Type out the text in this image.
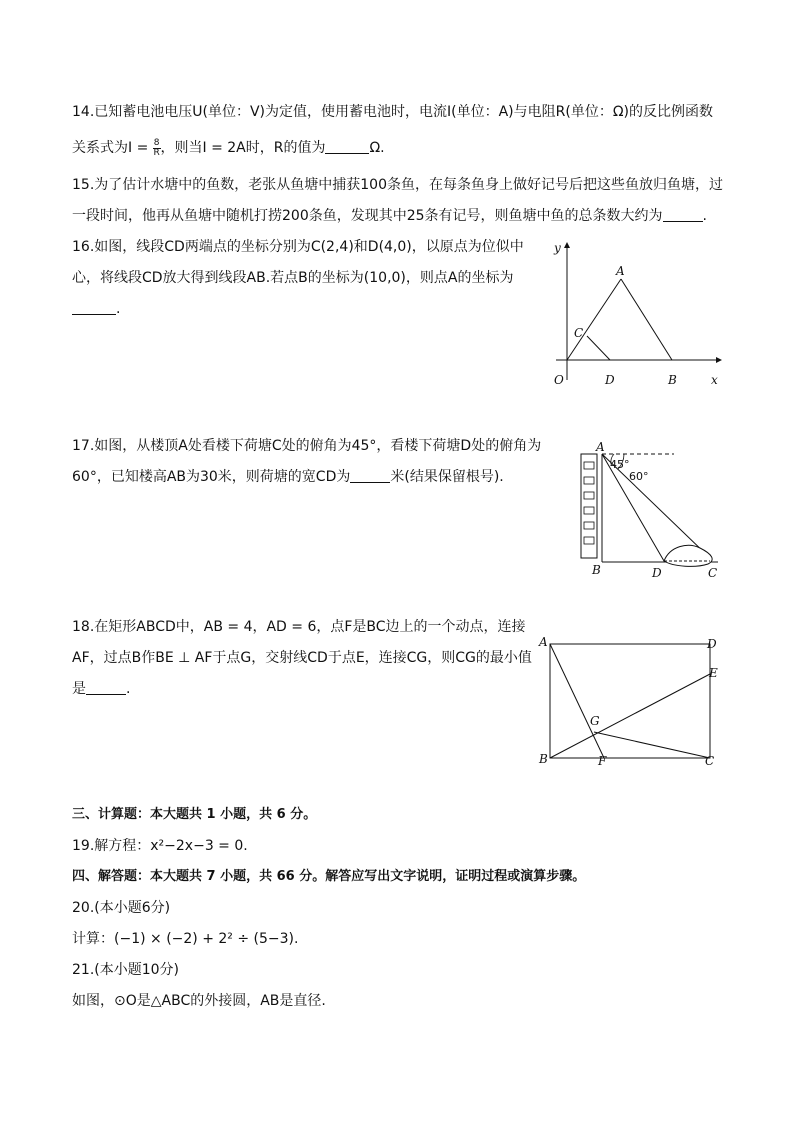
14.已知蓄电池电压U(单位：V)为定值，使用蓄电池时，电流I(单位：A)与电阻R(单位：Ω)的反比例函数
关系式为$I = \frac{8}{R}$ ，则当I = 2A时，R的值为	Ω.
15.为了估计水塘中的鱼数，老张从鱼塘中捕获100条鱼，在每条鱼身上做好记号后把这些鱼放归鱼塘，过
一段时间，他再从鱼塘中随机打捞200条鱼，发现其中25条有记号，则鱼塘中鱼的总条数大约为	.
16.如图，线段CD两端点的坐标分别为C(2,4)和D(4,0)，以原点为位似中
心，将线段CD放大得到线段AB.若点B的坐标为(10,0)，则点A的坐标为
.
y
A
C
O	D	B	x
17.如图，从楼顶A处看楼下荷塘C处的俯角为45°，看楼下荷塘D处的俯角为
60°，已知楼高AB为30米，则荷塘的宽CD为	米(结果保留根号).
A
45°
60°
B	D	C
18.在矩形ABCD中，AB = 4，AD = 6，点F是BC边上的一个动点，连接
AF，过点B作BE ⊥ AF于点G，交射线CD于点E，连接CG，则CG的最小值
是	.
A	D
E
G
B	F	C
三、计算题：本大题共 1 小题，共 6 分。
19.解方程：x²−2x−3 = 0.
四、解答题：本大题共 7 小题，共 66 分。解答应写出文字说明，证明过程或演算步骤。
20.(本小题6分)
计算：(−1) × (−2) + 2² ÷ (5−3).
21.(本小题10分)
如图，⊙O是△ABC的外接圆，AB是直径.
